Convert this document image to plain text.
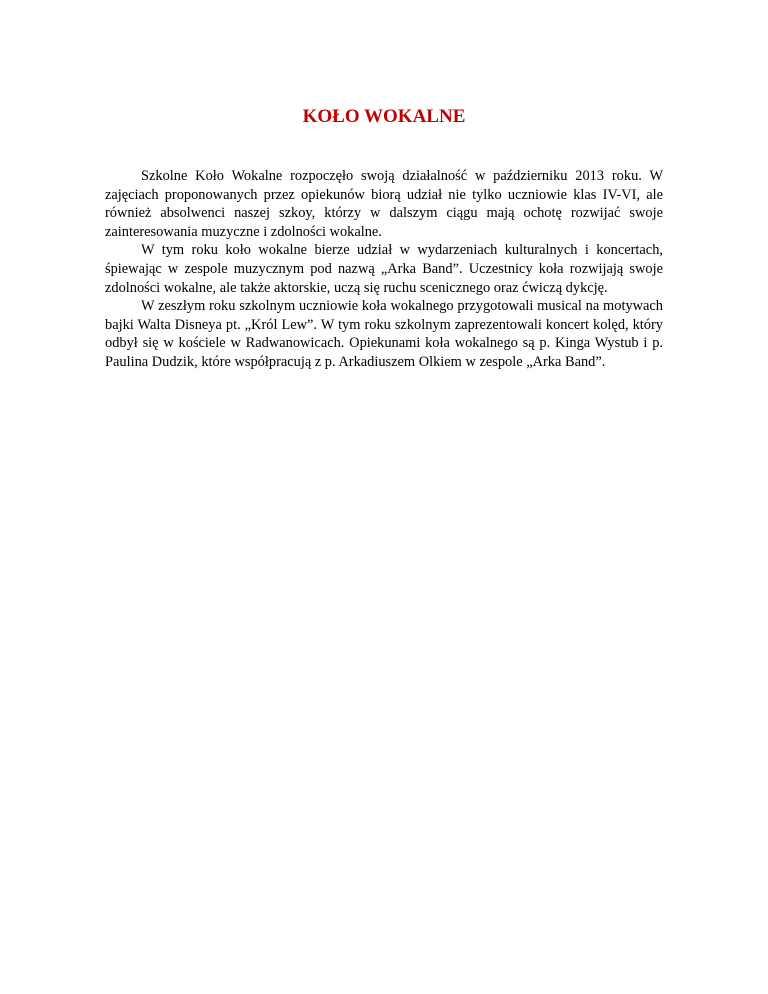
KOŁO WOKALNE

Szkolne Koło Wokalne rozpoczęło swoją działalność w październiku 2013 roku. W zajęciach proponowanych przez opiekunów biorą udział nie tylko uczniowie klas IV-VI, ale również absolwenci naszej szkoy, którzy w dalszym ciągu mają ochotę rozwijać swoje zainteresowania muzyczne i zdolności wokalne.

W tym roku koło wokalne bierze udział w wydarzeniach kulturalnych i koncertach, śpiewając w zespole muzycznym pod nazwą „Arka Band”. Uczestnicy koła rozwijają swoje zdolności wokalne, ale także aktorskie, uczą się ruchu scenicznego oraz ćwiczą dykcję.

W zeszłym roku szkolnym uczniowie koła wokalnego przygotowali musical na motywach bajki Walta Disneya pt. „Król Lew”. W tym roku szkolnym zaprezentowali koncert kolęd, który odbył się w kościele w Radwanowicach. Opiekunami koła wokalnego są p. Kinga Wystub i p. Paulina Dudzik, które współpracują z p. Arkadiuszem Olkiem w zespole „Arka Band”.
